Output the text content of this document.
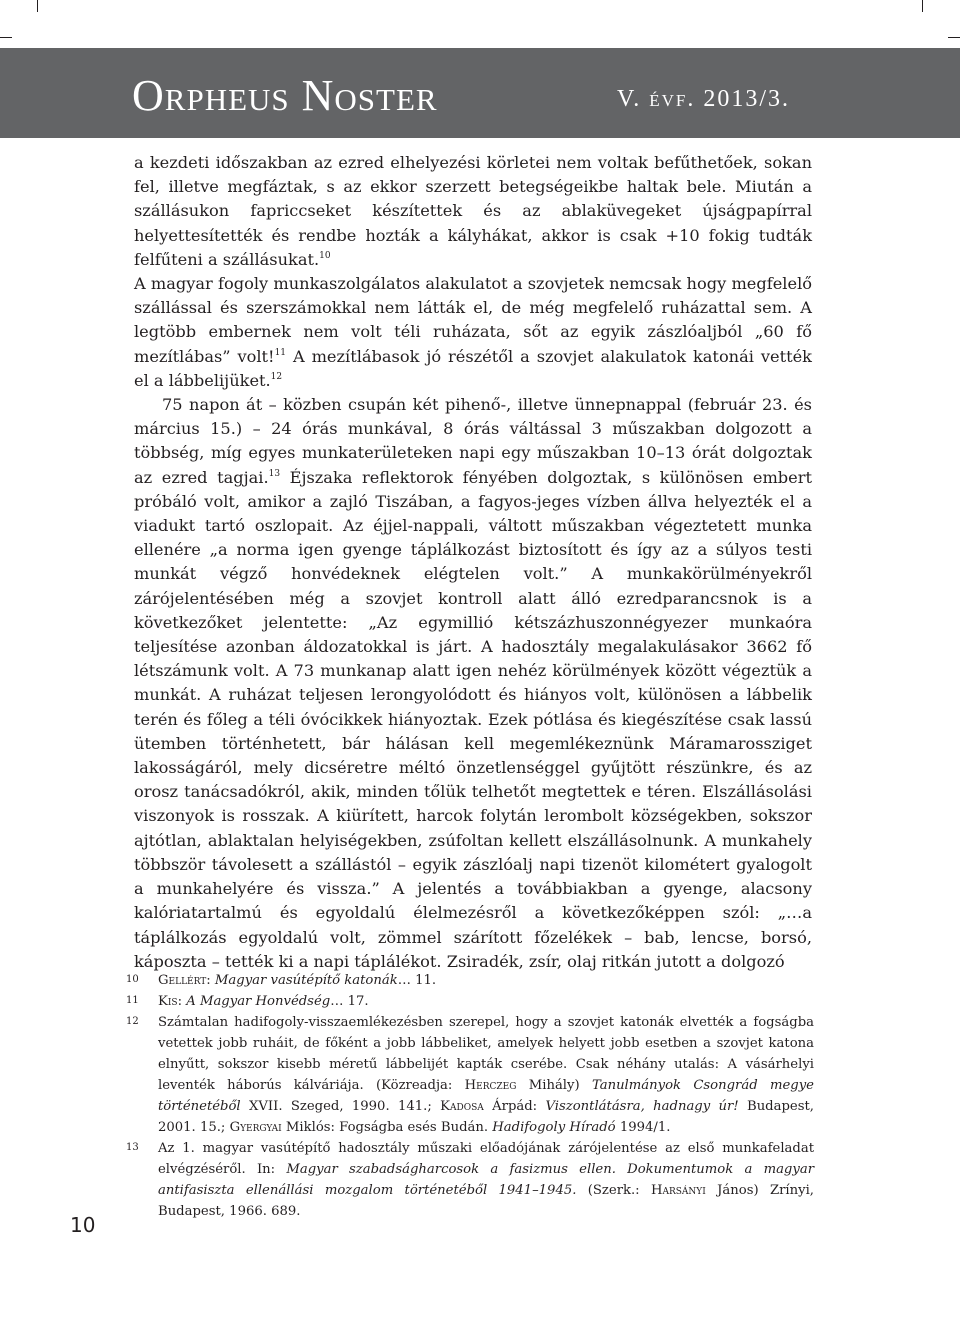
Orpheus Noster	V. évf. 2013/3.

a kezdeti időszakban az ezred elhelyezési körletei nem voltak befűthetőek, sokan fel, illetve megfáztak, s az ekkor szerzett betegségeikbe haltak bele. Miután a szállásukon fapriccseket készítettek és az ablaküvegeket újságpapírral helyettesítették és rendbe hozták a kályhákat, akkor is csak +10 fokig tudták felfűteni a szállásukat.$^{10}$

A magyar fogoly munkaszolgálatos alakulatot a szovjetek nemcsak hogy megfelelő szállással és szerszámokkal nem látták el, de még megfelelő ruházattal sem. A legtöbb embernek nem volt téli ruházata, sőt az egyik zászlóaljból „60 fő mezítlábas” volt!$^{11}$ A mezítlábasok jó részétől a szovjet alakulatok katonái vették el a lábbelijüket.$^{12}$

75 napon át – közben csupán két pihenő-, illetve ünnepnappal (február 23. és március 15.) – 24 órás munkával, 8 órás váltással 3 műszakban dolgozott a többség, míg egyes munkaterületeken napi egy műszakban 10–13 órát dolgoztak az ezred tagjai.$^{13}$ Éjszaka reflektorok fényében dolgoztak, s különösen embert próbáló volt, amikor a zajló Tiszában, a fagyos-jeges vízben állva helyezték el a viadukt tartó oszlopait. Az éjjel-nappali, váltott műszakban végeztetett munka ellenére „a norma igen gyenge táplálkozást biztosított és így az a súlyos testi munkát végző honvédeknek elégtelen volt.” A munkakörülményekről zárójelentésében még a szovjet kontroll alatt álló ezredparancsnok is a következőket jelentette: „Az egymillió kétszázhuszonnégyezer munkaóra teljesítése azonban áldozatokkal is járt. A hadosztály megalakulásakor 3662 fő létszámunk volt. A 73 munkanap alatt igen nehéz körülmények között végeztük a munkát. A ruházat teljesen lerongyolódott és hiányos volt, különösen a lábbelik terén és főleg a téli óvócikkek hiányoztak. Ezek pótlása és kiegészítése csak lassú ütemben történhetett, bár hálásan kell megemlékeznünk Máramarossziget lakosságáról, mely dicséretre méltó önzetlenséggel gyűjtött részünkre, és az orosz tanácsadókról, akik, minden tőlük telhetőt megtettek e téren. Elszállásolási viszonyok is rosszak. A kiürített, harcok folytán lerombolt községekben, sokszor ajtótlan, ablaktalan helyiségekben, zsúfoltan kellett elszállásolnunk. A munkahely többször távolesett a szállástól – egyik zászlóalj napi tizenöt kilométert gyalogolt a munkahelyére és vissza.” A jelentés a továbbiakban a gyenge, alacsony kalóriatartalmú és egyoldalú élelmezésről a következőképpen szól: „…a táplálkozás egyoldalú volt, zömmel szárított főzelékek – bab, lencse, borsó, káposzta – tették ki a napi táplálékot. Zsiradék, zsír, olaj ritkán jutott a dolgozó

10 Gellért: Magyar vasútépítő katonák… 11.
11 Kis: A Magyar Honvédség… 17.
12 Számtalan hadifogoly-visszaemlékezésben szerepel, hogy a szovjet katonák elvették a fogságba vetettek jobb ruháit, de főként a jobb lábbeliket, amelyek helyett jobb esetben a szovjet katona elnyűtt, sokszor kisebb méretű lábbelijét kapták cserébe. Csak néhány utalás: A vásárhelyi leventék háborús kálváriája. (Közreadja: Herczeg Mihály) Tanulmányok Csongrád megye történetéből XVII. Szeged, 1990. 141.; Kadosa Árpád: Viszontlátásra, hadnagy úr! Budapest, 2001. 15.; Gyergyai Miklós: Fogságba esés Budán. Hadifogoly Híradó 1994/1.
13 Az 1. magyar vasútépítő hadosztály műszaki előadójának zárójelentése az első munkafeladat elvégzéséről. In: Magyar szabadságharcosok a fasizmus ellen. Dokumentumok a magyar antifasiszta ellenállási mozgalom történetéből 1941–1945. (Szerk.: Harsányi János) Zrínyi, Budapest, 1966. 689.
10
